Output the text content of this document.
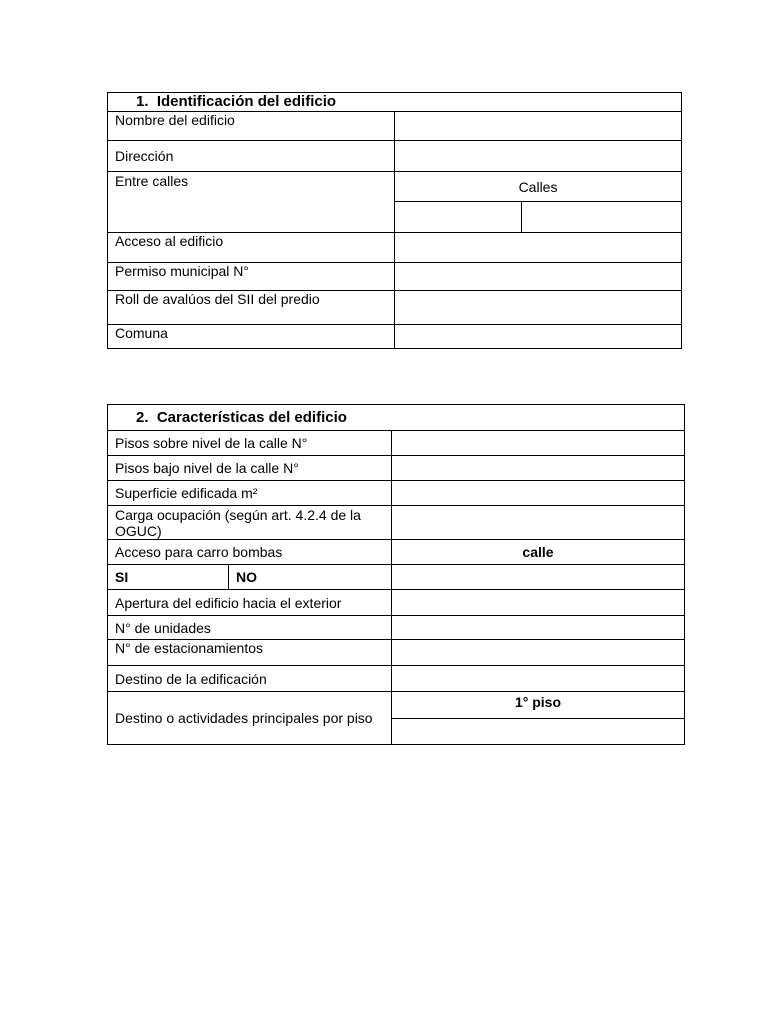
1.  Identificación del edificio		
Nombre del edificio		
Dirección		
Entre calles	Calles	

Acceso al edificio		
Permiso municipal N°		
Roll de avalúos del SII del predio		
Comuna		
2.  Características del edificio		
Pisos sobre nivel de la calle N°		
Pisos bajo nivel de la calle N°		
Superficie edificada m²		
Carga ocupación (según art. 4.2.4 de la OGUC)		
Acceso para carro bombas		calle
SI	NO	
Apertura del edificio hacia el exterior		
N° de unidades		
N° de estacionamientos		
Destino de la edificación		
Destino o actividades principales por piso		1° piso
